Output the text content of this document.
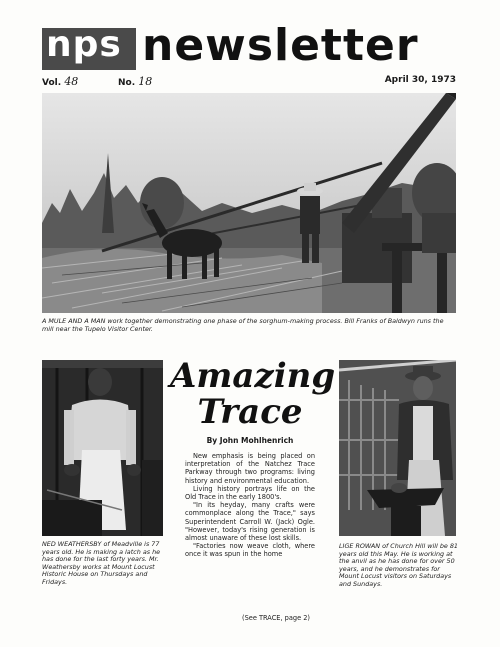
nps newsletter
Vol. 48	No. 18	April 30, 1973
A MULE AND A MAN work together demonstrating one phase of the sorghum-making process. Bill Franks of Baldwyn runs the mill near the Tupelo Visitor Center.
NED WEATHERSBY of Meadville is 77 years old. He is making a latch as he has done for the last forty years. Mr. Weathersby works at Mount Locust Historic House on Thursdays and Fridays.
LIGE ROWAN of Church Hill will be 81 years old this May. He is working at the anvil as he has done for over 50 years, and he demonstrates for Mount Locust visitors on Saturdays and Sundays.
Amazing
Trace
By John Mohlhenrich

New emphasis is being placed on interpretation of the Natchez Trace Parkway through two programs: living history and environmental education.

Living history portrays life on the Old Trace in the early 1800's.

"In its heyday, many crafts were commonplace along the Trace," says Superintendent Carroll W. (Jack) Ogle. "However, today's rising generation is almost unaware of these lost skills.

"Factories now weave cloth, where once it was spun in the home

(See TRACE, page 2)
